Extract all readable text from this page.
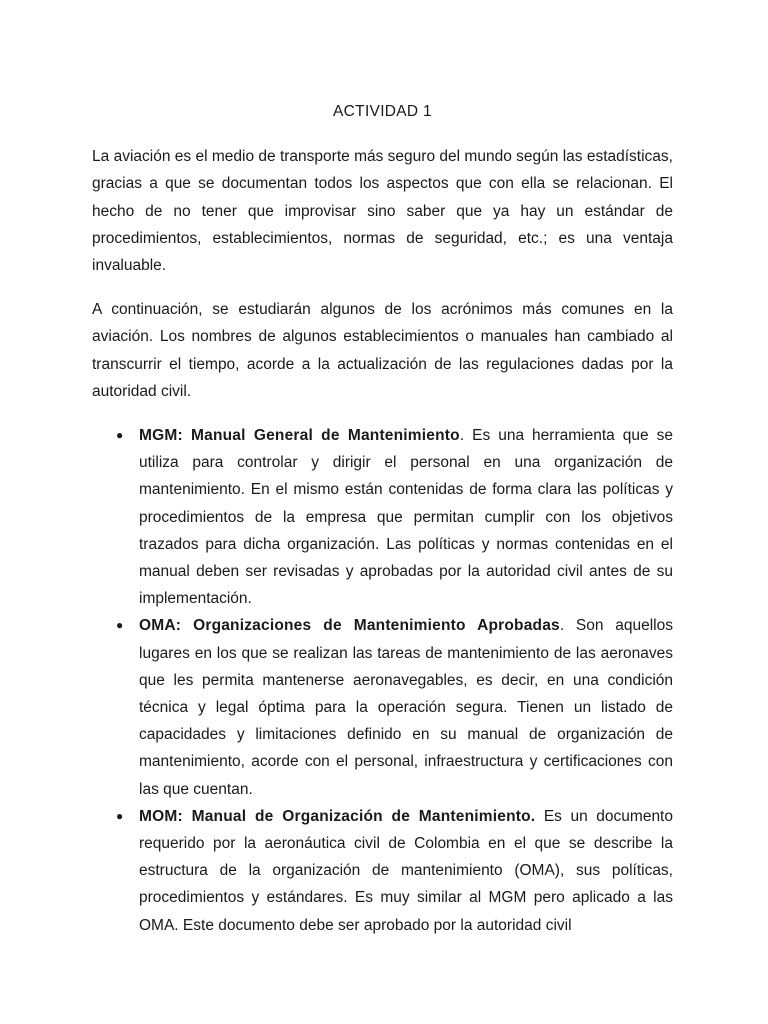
ACTIVIDAD 1

La aviación es el medio de transporte más seguro del mundo según las estadísticas, gracias a que se documentan todos los aspectos que con ella se relacionan. El hecho de no tener que improvisar sino saber que ya hay un estándar de procedimientos, establecimientos, normas de seguridad, etc.; es una ventaja invaluable.

A continuación, se estudiarán algunos de los acrónimos más comunes en la aviación. Los nombres de algunos establecimientos o manuales han cambiado al transcurrir el tiempo, acorde a la actualización de las regulaciones dadas por la autoridad civil.

● MGM: Manual General de Mantenimiento. Es una herramienta que se utiliza para controlar y dirigir el personal en una organización de mantenimiento. En el mismo están contenidas de forma clara las políticas y procedimientos de la empresa que permitan cumplir con los objetivos trazados para dicha organización. Las políticas y normas contenidas en el manual deben ser revisadas y aprobadas por la autoridad civil antes de su implementación.
● OMA: Organizaciones de Mantenimiento Aprobadas. Son aquellos lugares en los que se realizan las tareas de mantenimiento de las aeronaves que les permita mantenerse aeronavegables, es decir, en una condición técnica y legal óptima para la operación segura. Tienen un listado de capacidades y limitaciones definido en su manual de organización de mantenimiento, acorde con el personal, infraestructura y certificaciones con las que cuentan.
● MOM: Manual de Organización de Mantenimiento. Es un documento requerido por la aeronáutica civil de Colombia en el que se describe la estructura de la organización de mantenimiento (OMA), sus políticas, procedimientos y estándares. Es muy similar al MGM pero aplicado a las OMA. Este documento debe ser aprobado por la autoridad civil
